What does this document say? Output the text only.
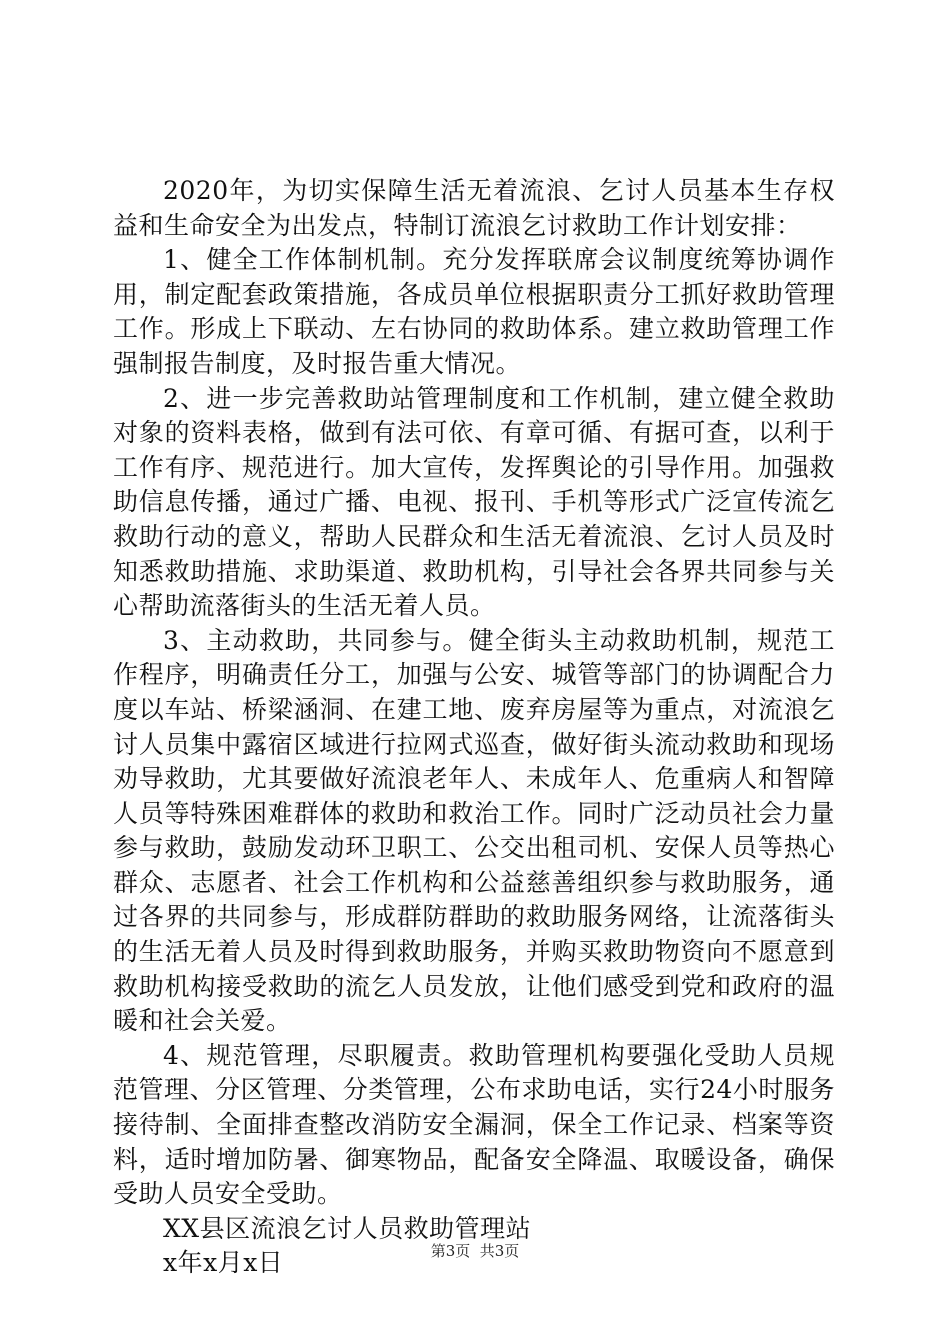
2020年，为切实保障生活无着流浪、乞讨人员基本生存权益和生命安全为出发点，特制订流浪乞讨救助工作计划安排：

1、健全工作体制机制。充分发挥联席会议制度统筹协调作用，制定配套政策措施，各成员单位根据职责分工抓好救助管理工作。形成上下联动、左右协同的救助体系。建立救助管理工作强制报告制度，及时报告重大情况。

2、进一步完善救助站管理制度和工作机制，建立健全救助对象的资料表格，做到有法可依、有章可循、有据可查，以利于工作有序、规范进行。加大宣传，发挥舆论的引导作用。加强救助信息传播，通过广播、电视、报刊、手机等形式广泛宣传流乞救助行动的意义，帮助人民群众和生活无着流浪、乞讨人员及时知悉救助措施、求助渠道、救助机构，引导社会各界共同参与关心帮助流落街头的生活无着人员。

3、主动救助，共同参与。健全街头主动救助机制，规范工作程序，明确责任分工，加强与公安、城管等部门的协调配合力度以车站、桥梁涵洞、在建工地、废弃房屋等为重点，对流浪乞讨人员集中露宿区域进行拉网式巡查，做好街头流动救助和现场劝导救助，尤其要做好流浪老年人、未成年人、危重病人和智障人员等特殊困难群体的救助和救治工作。同时广泛动员社会力量参与救助，鼓励发动环卫职工、公交出租司机、安保人员等热心群众、志愿者、社会工作机构和公益慈善组织参与救助服务，通过各界的共同参与，形成群防群助的救助服务网络，让流落街头的生活无着人员及时得到救助服务，并购买救助物资向不愿意到救助机构接受救助的流乞人员发放，让他们感受到党和政府的温暖和社会关爱。

4、规范管理，尽职履责。救助管理机构要强化受助人员规范管理、分区管理、分类管理，公布求助电话，实行24小时服务接待制、全面排查整改消防安全漏洞，保全工作记录、档案等资料，适时增加防暑、御寒物品，配备安全降温、取暖设备，确保受助人员安全受助。

XX县区流浪乞讨人员救助管理站

x年x月x日	第3页  共3页
